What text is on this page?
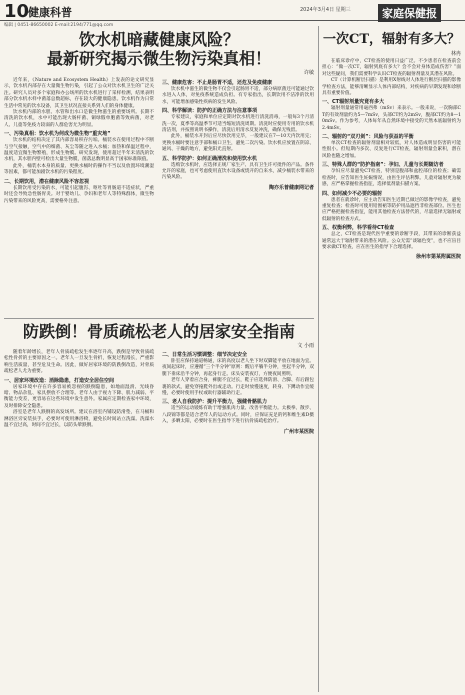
10
健康科普	2024年3月4日 星期三	家庭保健报
编辑 | 0451-86650002 E-mail:2194/771@qq.com
饮水机暗藏健康风险？
最新研究揭示微生物污染真相！
许敏

近年来，《Nature and Ecosystem Health》上发表的论文研究显示，饮水机内部存在大量微生物污染，引起了公众对饮水机卫生的广泛关注。研究人员对多个家庭和办公场所的饮水机进行了采样检测，结果表明部分饮水机水样中菌落总数超标，存在较大的健康隐患。饮水机作为日常生活中常见的饮水设备，其卫生状况直接关系到人们的身体健康。

饮水机内部的水胆、水管和出水口是微生物滋生的重要场所。长期不清洗的饮水机，水中可能出现大肠杆菌、铜绿假单胞菌等致病菌，对老人、儿童等免疫力较弱的人群危害尤为明显。

一、污染真相：饮水机为何成为微生物“重灾地”

饮水机的结构决定了其内部容易积存污垢。桶装水在使用过程中不断与空气接触，空气中的细菌、灰尘等随之进入水桶；加热和保温过程中，温度适宜微生物繁殖，形成生物膜。研究发现，使用超过半年未清洗的饮水机，其水胆内壁可检出大量生物膜，菌落总数明显高于国家标准限值。

此外，桶装水本身的质量、更换水桶时的操作不当以及放置环境潮湿等因素，都可能加剧饮水机的污染程度。

二、长期饮用，潜在健康风险不容忽视

长期饮用受污染的水，可能引起腹泻、呕吐等胃肠道不适症状，严重时还会导致急性肠胃炎。对于婴幼儿、孕妇和老年人等特殊群体，微生物污染带来的风险更高，需要格外注意。

三、健康危害：不止是肠胃不适，还危及免疫健康

饮水机中滋生的微生物不仅会引起肠胃不适，部分病原菌还可能通过饮水进入人体，对免疫系统造成负担。有专家指出，长期饮用不洁净的饮用水，可能增加感染性疾病的发生风险。

四、科学解读：防护的正确方法与注意事项

专家建议，家庭和单位应定期对饮水机进行清洗消毒，一般每3个月清洗一次，夏季等高温季节可适当缩短清洗周期。清洗时应使用专用的饮水机清洁剂，并按照说明书操作，清洗后用清水反复冲洗，确保无残留。

此外，桶装水开封后应尽快饮用完毕，一般建议在7—10天内饮用完；更换水桶时要注意手部和桶口卫生，避免二次污染。饮水机应放置在阴凉、通风、干燥的地方，避免阳光直射。

五、科学防护：如何正确清洗和使用饮水机

选购饮水机时，应选择正规厂家生产、具有卫生许可批件的产品。条件允许的家庭，也可考虑使用直饮水设备或烧开的自来水，减少桶装水带来的污染风险。

陶亦乐普健康网记者
防跌倒！骨质疏松老人的居家安全指南
文 小雨

随着年龄增长，老年人骨质疏松发生率逐年升高，跌倒是导致骨质疏松性骨折的主要原因之一。老年人一旦发生骨折，恢复过程漫长，严重影响生活质量，甚至危及生命。因此，做好居家环境的防跌倒改造，对骨质疏松老人尤为重要。

一、居家环境改造：消除隐患，打造安全居住空间

居家环境中存在许多容易被忽视的跌倒隐患，如地面湿滑、光线昏暗、物品杂乱、家具摆放不合理等。老年人由于视力下降、肌力减弱、平衡能力变差，更容易在这些环境中发生意外。家属应定期检查家中环境，及时排除安全隐患。

浴室是老年人跌倒的高发场所。建议在浴室内铺设防滑垫，在马桶和淋浴区旁安装扶手，必要时可使用淋浴椅，避免长时间站立洗澡。洗澡水温不宜过高，时间不宜过长，以防头晕跌倒。

二、日常生活习惯调整：细节决定安全

卧室应保持通道畅通，床的高度以老人坐下时双脚能平放在地面为宜。夜间起床时，应遵循“三个半分钟”原则：醒后平躺半分钟，坐起半分钟，双腿下垂床沿半分钟，再起身行走。床头安装夜灯，方便夜间照明。

老年人穿着应合身，裤腿不宜过长，鞋子应选择防滑、合脚、有后跟包裹的款式，避免穿拖鞋外出或走动。行走时放慢速度，转身、下蹲动作宜缓慢，必要时使用手杖或助行器辅助行走。

三、老人自我防护：提升平衡力，强健骨骼肌力

适当的运动锻炼有助于增强肌肉力量、改善平衡能力。太极拳、散步、八段锦等都是适合老年人的运动方式。同时，应保证充足的钙和维生素D摄入，多晒太阳，必要时在医生指导下进行抗骨质疏松治疗。

广州市某医院
一次CT，辐射有多大？
林冉

在临床诊疗中，CT检查的使用日益广泛。不少患者在检查前会担心：“做一次CT，辐射到底有多大？会不会对身体造成伤害？”面对这些疑问，我们需要科学认识CT检查的辐射剂量及其潜在风险。

CT（计算机断层扫描）是利用X射线对人体进行断层扫描的影像学检查方法，能够清晰显示人体内部结构，对疾病的早期发现和诊断具有重要价值。

一、CT辐射剂量究竟有多大

辐射剂量通常用毫西弗（mSv）来表示。一般来说，一次胸部CT的有效剂量约为5—7mSv，头部CT约为2mSv，腹部CT约为8—10mSv。作为参考，人体每年从自然环境中接受的天然本底辐射约为2.4mSv。

二、辐射的“双刃剑”：风险与获益的平衡

单次CT检查的辐射剂量相对较低，对人体造成明显伤害的可能性很小。但短期内多次、反复进行CT检查，辐射剂量会累积，潜在风险也随之增加。

三、特殊人群的“防护指南”：孕妇、儿童与长期随访者

孕妇应尽量避免CT检查，特别是腹部和盆腔部位的检查；确需检查时，应告知医生妊娠情况，由医生评估利弊。儿童对辐射更为敏感，应严格掌握检查指征，选择低剂量扫描方案。

四、如何减少不必要的辐射

患者在就诊时，应主动告知医生近期已做过的影像学检查，避免重复检查；检查时可使用铅围裙等防护用品遮挡非检查部位。医生也应严格把握检查指征，能用其他检查方法替代的，尽量选择无辐射或低辐射的检查方式。

五、权衡利弊，科学看待CT检查

总之，CT检查是现代医学重要的诊断手段，其带来的诊断获益通常远大于辐射带来的潜在风险。公众无需“谈辐色变”，也不应盲目要求做CT检查，应在医生的指导下合理选择。

徐州市第某附属医院
